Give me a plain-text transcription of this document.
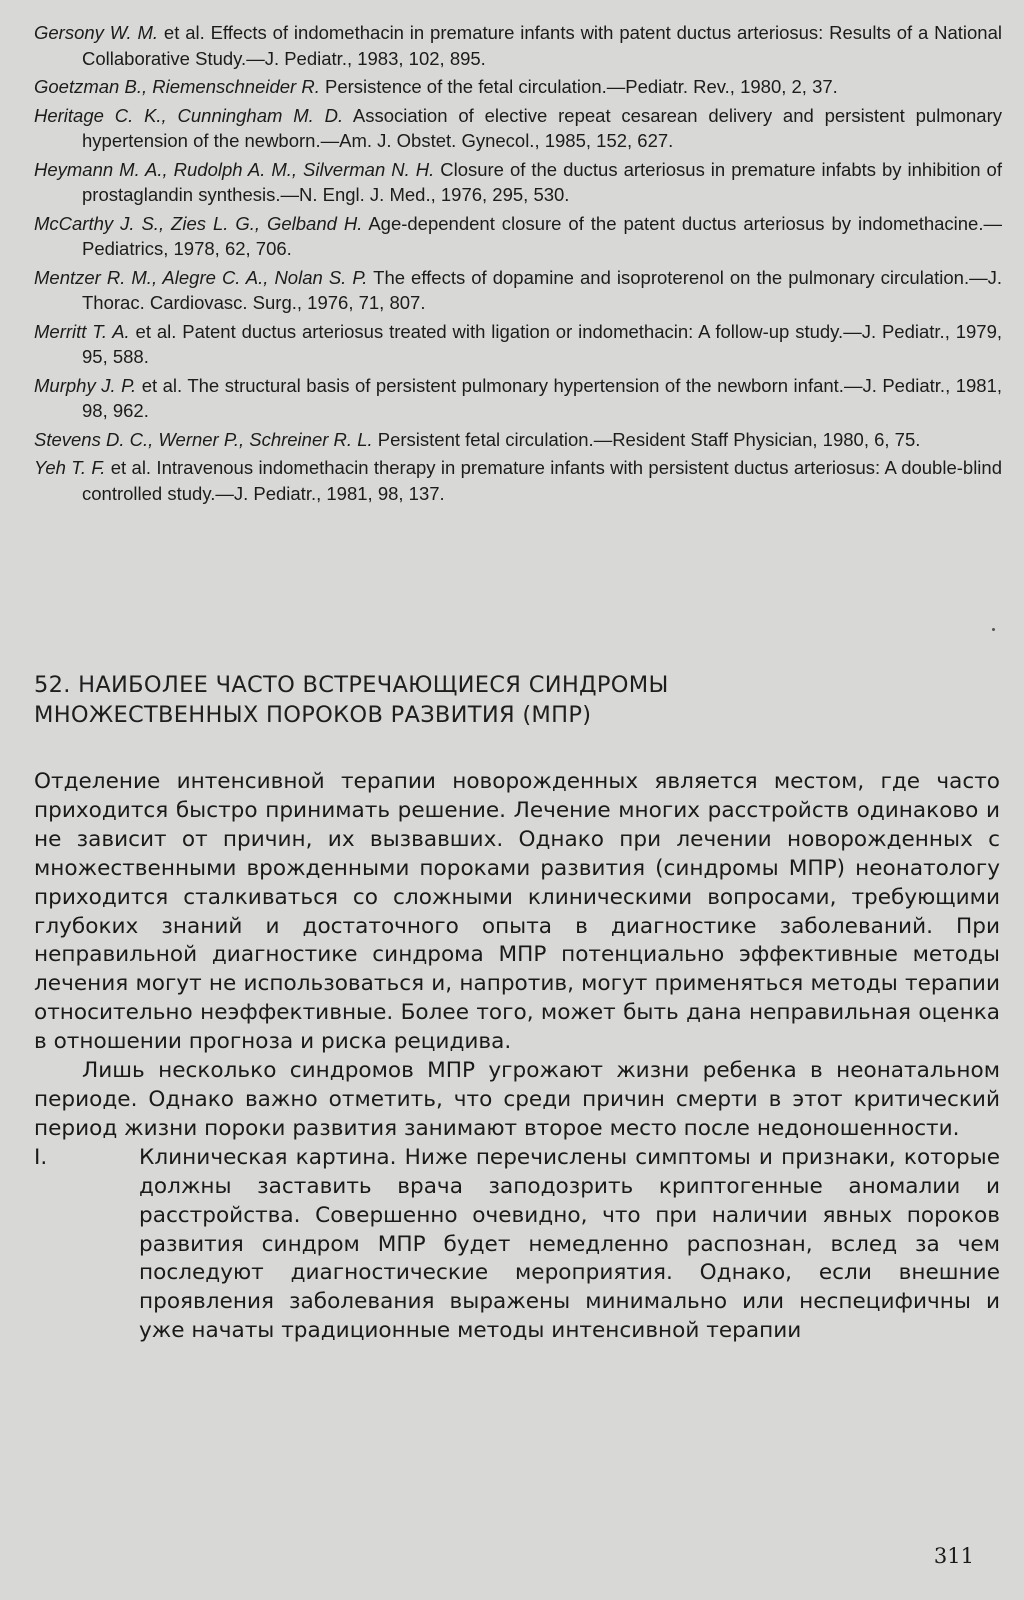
Gersony W. M. et al. Effects of indomethacin in premature infants with patent ductus arteriosus: Results of a National Collaborative Study.—J. Pediatr., 1983, 102, 895.
Goetzman B., Riemenschneider R. Persistence of the fetal circulation.—Pediatr. Rev., 1980, 2, 37.
Heritage C. K., Cunningham M. D. Association of elective repeat cesarean delivery and persistent pulmonary hypertension of the newborn.—Am. J. Obstet. Gynecol., 1985, 152, 627.
Heymann M. A., Rudolph A. M., Silverman N. H. Closure of the ductus arteriosus in premature infabts by inhibition of prostaglandin synthesis.—N. Engl. J. Med., 1976, 295, 530.
McCarthy J. S., Zies L. G., Gelband H. Age-dependent closure of the patent ductus arteriosus by indomethacine.—Pediatrics, 1978, 62, 706.
Mentzer R. M., Alegre C. A., Nolan S. P. The effects of dopamine and isoproterenol on the pulmonary circulation.—J. Thorac. Cardiovasc. Surg., 1976, 71, 807.
Merritt T. A. et al. Patent ductus arteriosus treated with ligation or indomethacin: A follow-up study.—J. Pediatr., 1979, 95, 588.
Murphy J. P. et al. The structural basis of persistent pulmonary hypertension of the newborn infant.—J. Pediatr., 1981, 98, 962.
Stevens D. C., Werner P., Schreiner R. L. Persistent fetal circulation.—Resident Staff Physician, 1980, 6, 75.
Yeh T. F. et al. Intravenous indomethacin therapy in premature infants with persistent ductus arteriosus: A double-blind controlled study.—J. Pediatr., 1981, 98, 137.
52. НАИБОЛЕЕ ЧАСТО ВСТРЕЧАЮЩИЕСЯ СИНДРОМЫ
МНОЖЕСТВЕННЫХ ПОРОКОВ РАЗВИТИЯ (МПР)

Отделение интенсивной терапии новорожденных является местом, где часто приходится быстро принимать решение. Лечение многих расстройств одинаково и не зависит от причин, их вызвавших. Однако при лечении новорожденных с множественными врожденными пороками развития (синдромы МПР) неонатологу приходится сталкиваться со сложными клиническими вопросами, требующими глубоких знаний и достаточного опыта в диагностике заболеваний. При неправильной диагностике синдрома МПР потенциально эффективные методы лечения могут не использоваться и, напротив, могут применяться методы терапии относительно неэффективные. Более того, может быть дана неправильная оценка в отношении прогноза и риска рецидива.

Лишь несколько синдромов МПР угрожают жизни ребенка в неонатальном периоде. Однако важно отметить, что среди причин смерти в этот критический период жизни пороки развития занимают второе место после недоношенности.

I.	Клиническая картина. Ниже перечислены симптомы и признаки, которые должны заставить врача заподозрить криптогенные аномалии и расстройства. Совершенно очевидно, что при наличии явных пороков развития синдром МПР будет немедленно распознан, вслед за чем последуют диагностические мероприятия. Однако, если внешние проявления заболевания выражены минимально или неспецифичны и уже начаты традиционные методы интенсивной терапии
311
